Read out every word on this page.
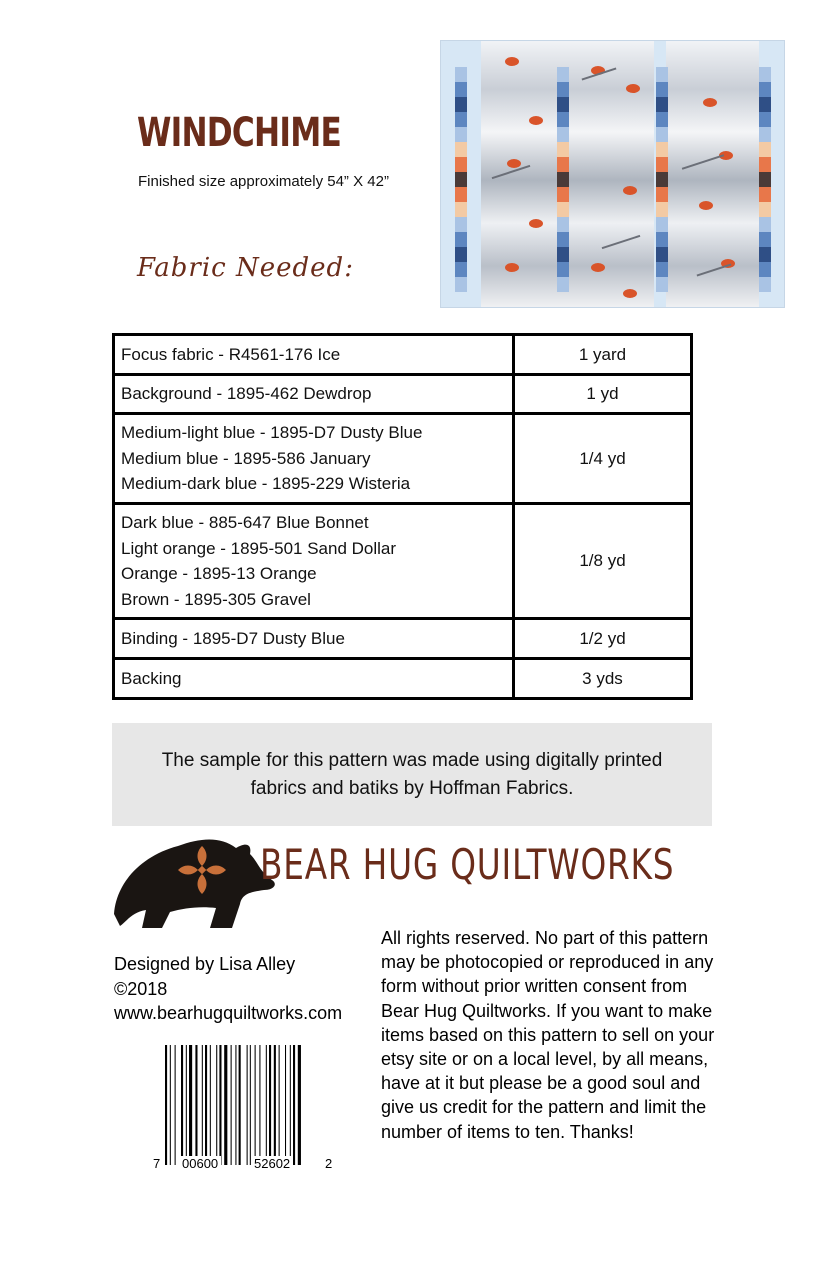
WINDCHIME
Finished size approximately 54” X 42”
Fabric Needed:
Focus fabric - R4561-176 Ice	1 yard

Background - 1895-462 Dewdrop	1 yd

Medium-light blue - 1895-D7 Dusty Blue
Medium blue - 1895-586 January
Medium-dark blue - 1895-229 Wisteria	1/4 yd

Dark blue - 885-647 Blue Bonnet
Light orange - 1895-501 Sand Dollar
Orange - 1895-13 Orange
Brown - 1895-305 Gravel	1/8 yd

Binding - 1895-D7 Dusty Blue	1/2 yd

Backing	3 yds
The sample for this pattern was made using digitally printed
fabrics and batiks by Hoffman Fabrics.
BEAR HUG QUILTWORKS
Designed by Lisa Alley
©2018
www.bearhugquiltworks.com
All rights reserved. No part of this pattern may be photocopied or reproduced in any form without prior written consent from Bear Hug Quiltworks. If you want to make items based on this pattern to sell on your etsy site or on a local level, by all means, have at it but please be a good soul and give us credit for the pattern and limit the number of items to ten. Thanks!
7 00600	52602	2
